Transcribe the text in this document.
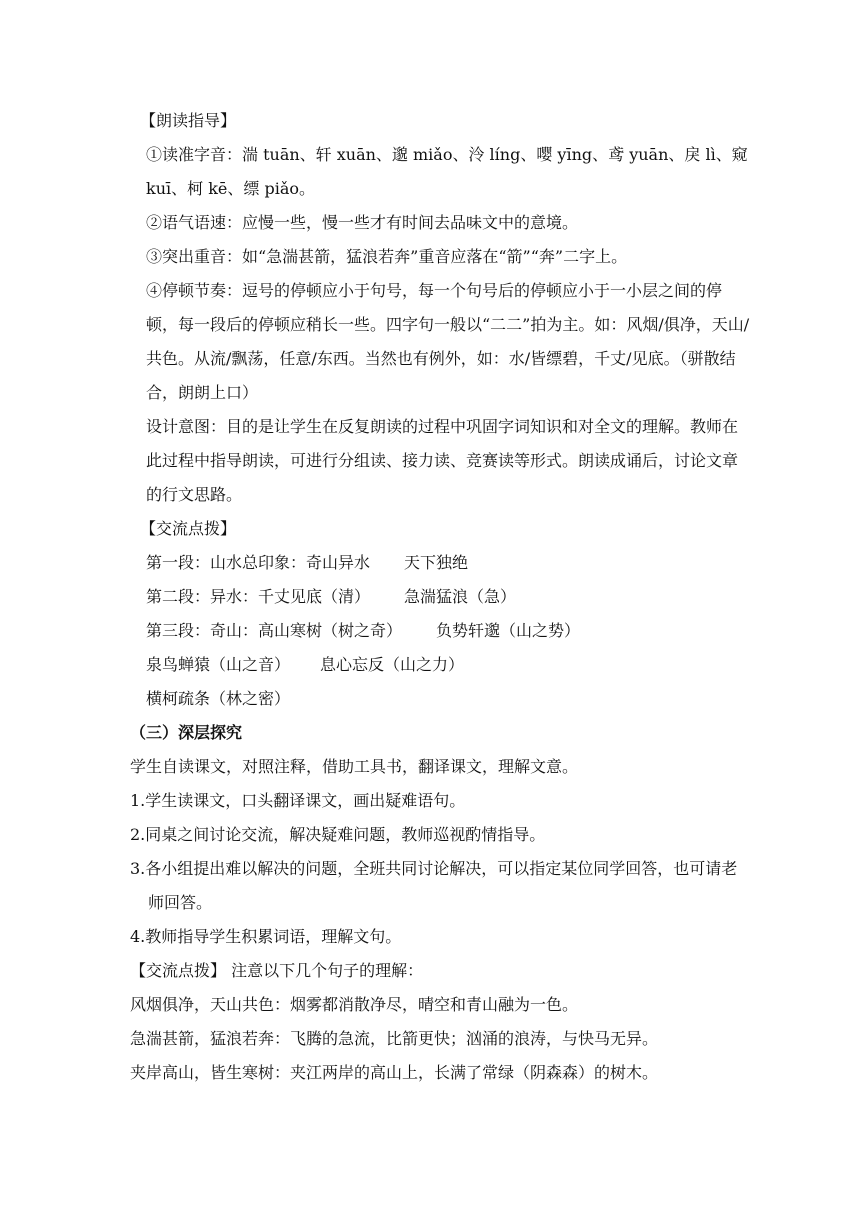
【朗读指导】

①读准字音：湍 tuān、轩 xuān、邈 miǎo、泠 líng、嘤 yīng、鸢 yuān、戾 lì、窥 kuī、柯 kē、缥 piǎo。

②语气语速：应慢一些，慢一些才有时间去品味文中的意境。

③突出重音：如“急湍甚箭，猛浪若奔”重音应落在“箭”“奔”二字上。

④停顿节奏：逗号的停顿应小于句号，每一个句号后的停顿应小于一小层之间的停顿，每一段后的停顿应稍长一些。四字句一般以“二二”拍为主。如：风烟/俱净，天山/共色。从流/飘荡，任意/东西。当然也有例外，如：水/皆缥碧，千丈/见底。（骈散结合，朗朗上口）

设计意图：目的是让学生在反复朗读的过程中巩固字词知识和对全文的理解。教师在此过程中指导朗读，可进行分组读、接力读、竞赛读等形式。朗读成诵后，讨论文章的行文思路。

【交流点拨】

第一段：山水总印象：奇山异水 天下独绝

第二段：异水：千丈见底（清） 急湍猛浪（急）

第三段：奇山：高山寒树（树之奇） 负势轩邈（山之势）

泉鸟蝉猿（山之音） 息心忘反（山之力）

横柯疏条（林之密）

（三）深层探究

学生自读课文，对照注释，借助工具书，翻译课文，理解文意。

1.学生读课文，口头翻译课文，画出疑难语句。

2.同桌之间讨论交流，解决疑难问题，教师巡视酌情指导。

3.各小组提出难以解决的问题，全班共同讨论解决，可以指定某位同学回答，也可请老师回答。

4.教师指导学生积累词语，理解文句。

【交流点拨】 注意以下几个句子的理解：

风烟俱净，天山共色：烟雾都消散净尽，晴空和青山融为一色。

急湍甚箭，猛浪若奔：飞腾的急流，比箭更快；汹涌的浪涛，与快马无异。

夹岸高山，皆生寒树：夹江两岸的高山上，长满了常绿（阴森森）的树木。
